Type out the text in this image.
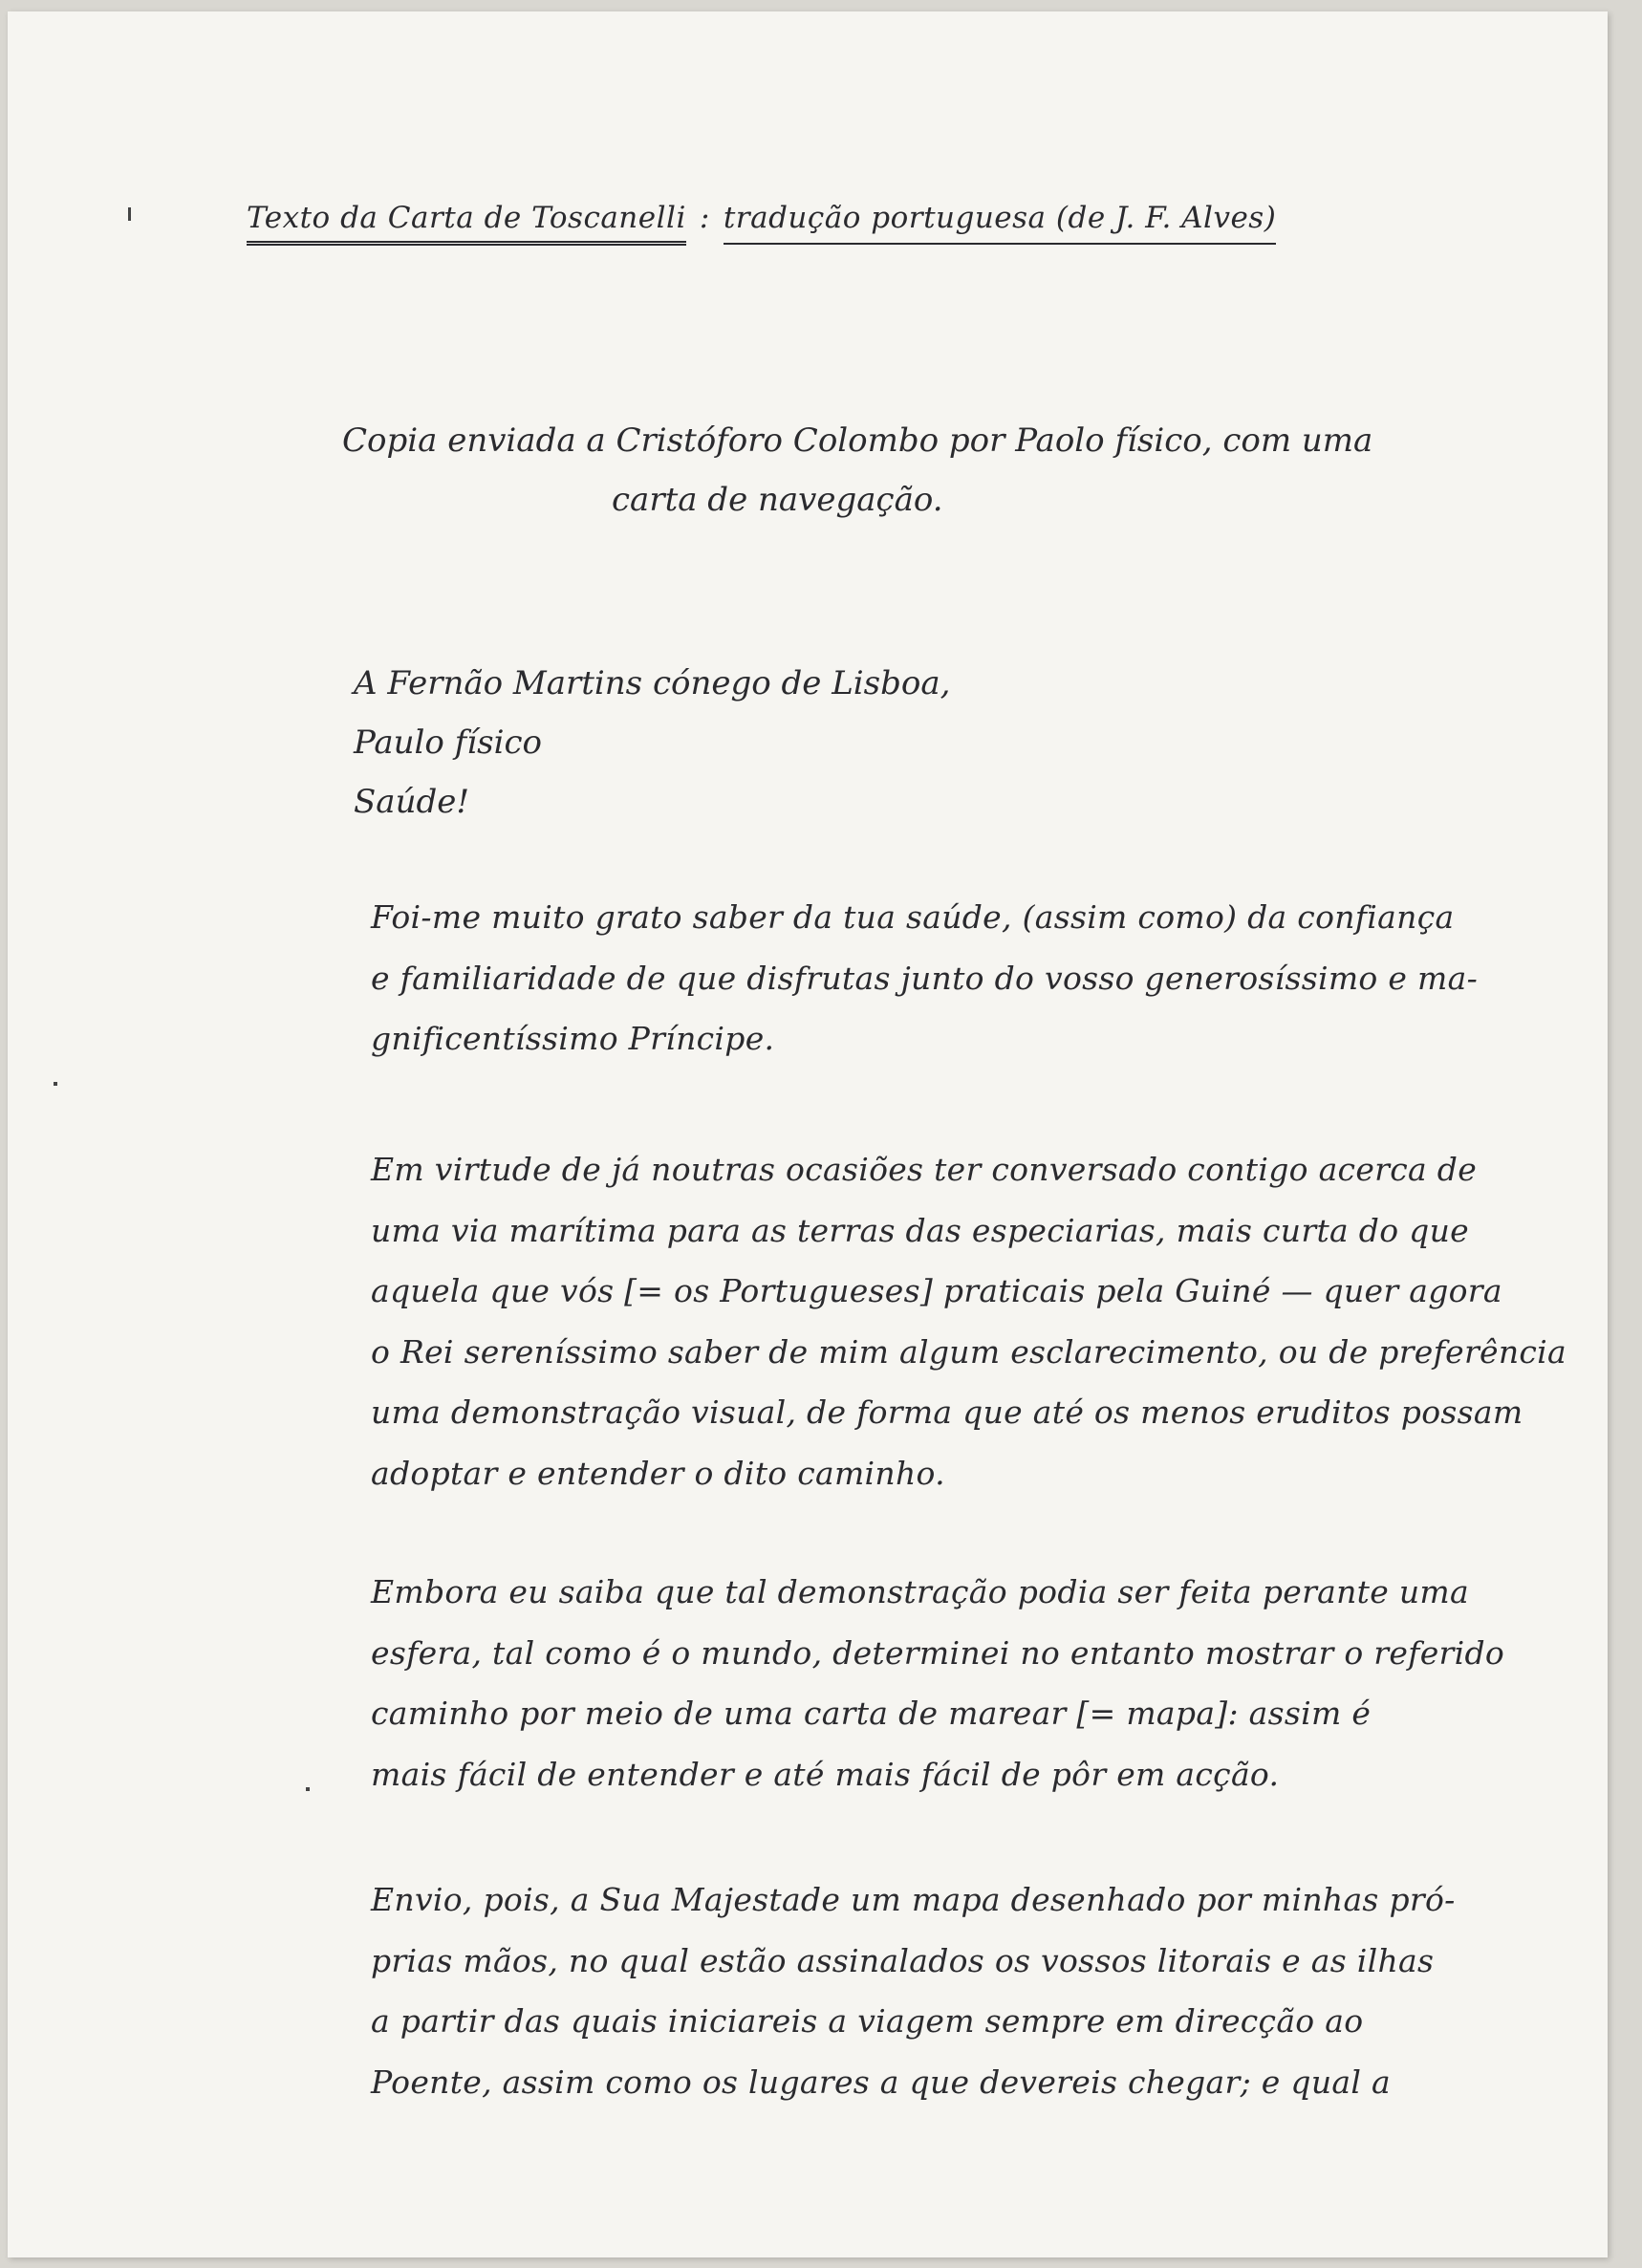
Texto da Carta de Toscanelli : tradução portuguesa (de J. F. Alves)
Copia enviada a Cristóforo Colombo por Paolo físico, com uma
carta de navegação.
A Fernão Martins cónego de Lisboa,
Paulo físico
Saúde!
Foi-me muito grato saber da tua saúde, (assim como) da confiança
e familiaridade de que disfrutas junto do vosso generosíssimo e ma-
gnificentíssimo Príncipe.
Em virtude de já noutras ocasiões ter conversado contigo acerca de
uma via marítima para as terras das especiarias, mais curta do que
aquela que vós [= os Portugueses] praticais pela Guiné — quer agora
o Rei sereníssimo saber de mim algum esclarecimento, ou de preferência
uma demonstração visual, de forma que até os menos eruditos possam
adoptar e entender o dito caminho.
Embora eu saiba que tal demonstração podia ser feita perante uma
esfera, tal como é o mundo, determinei no entanto mostrar o referido
caminho por meio de uma carta de marear [= mapa]: assim é
mais fácil de entender e até mais fácil de pôr em acção.
Envio, pois, a Sua Majestade um mapa desenhado por minhas pró-
prias mãos, no qual estão assinalados os vossos litorais e as ilhas
a partir das quais iniciareis a viagem sempre em direcção ao
Poente, assim como os lugares a que devereis chegar; e qual a
